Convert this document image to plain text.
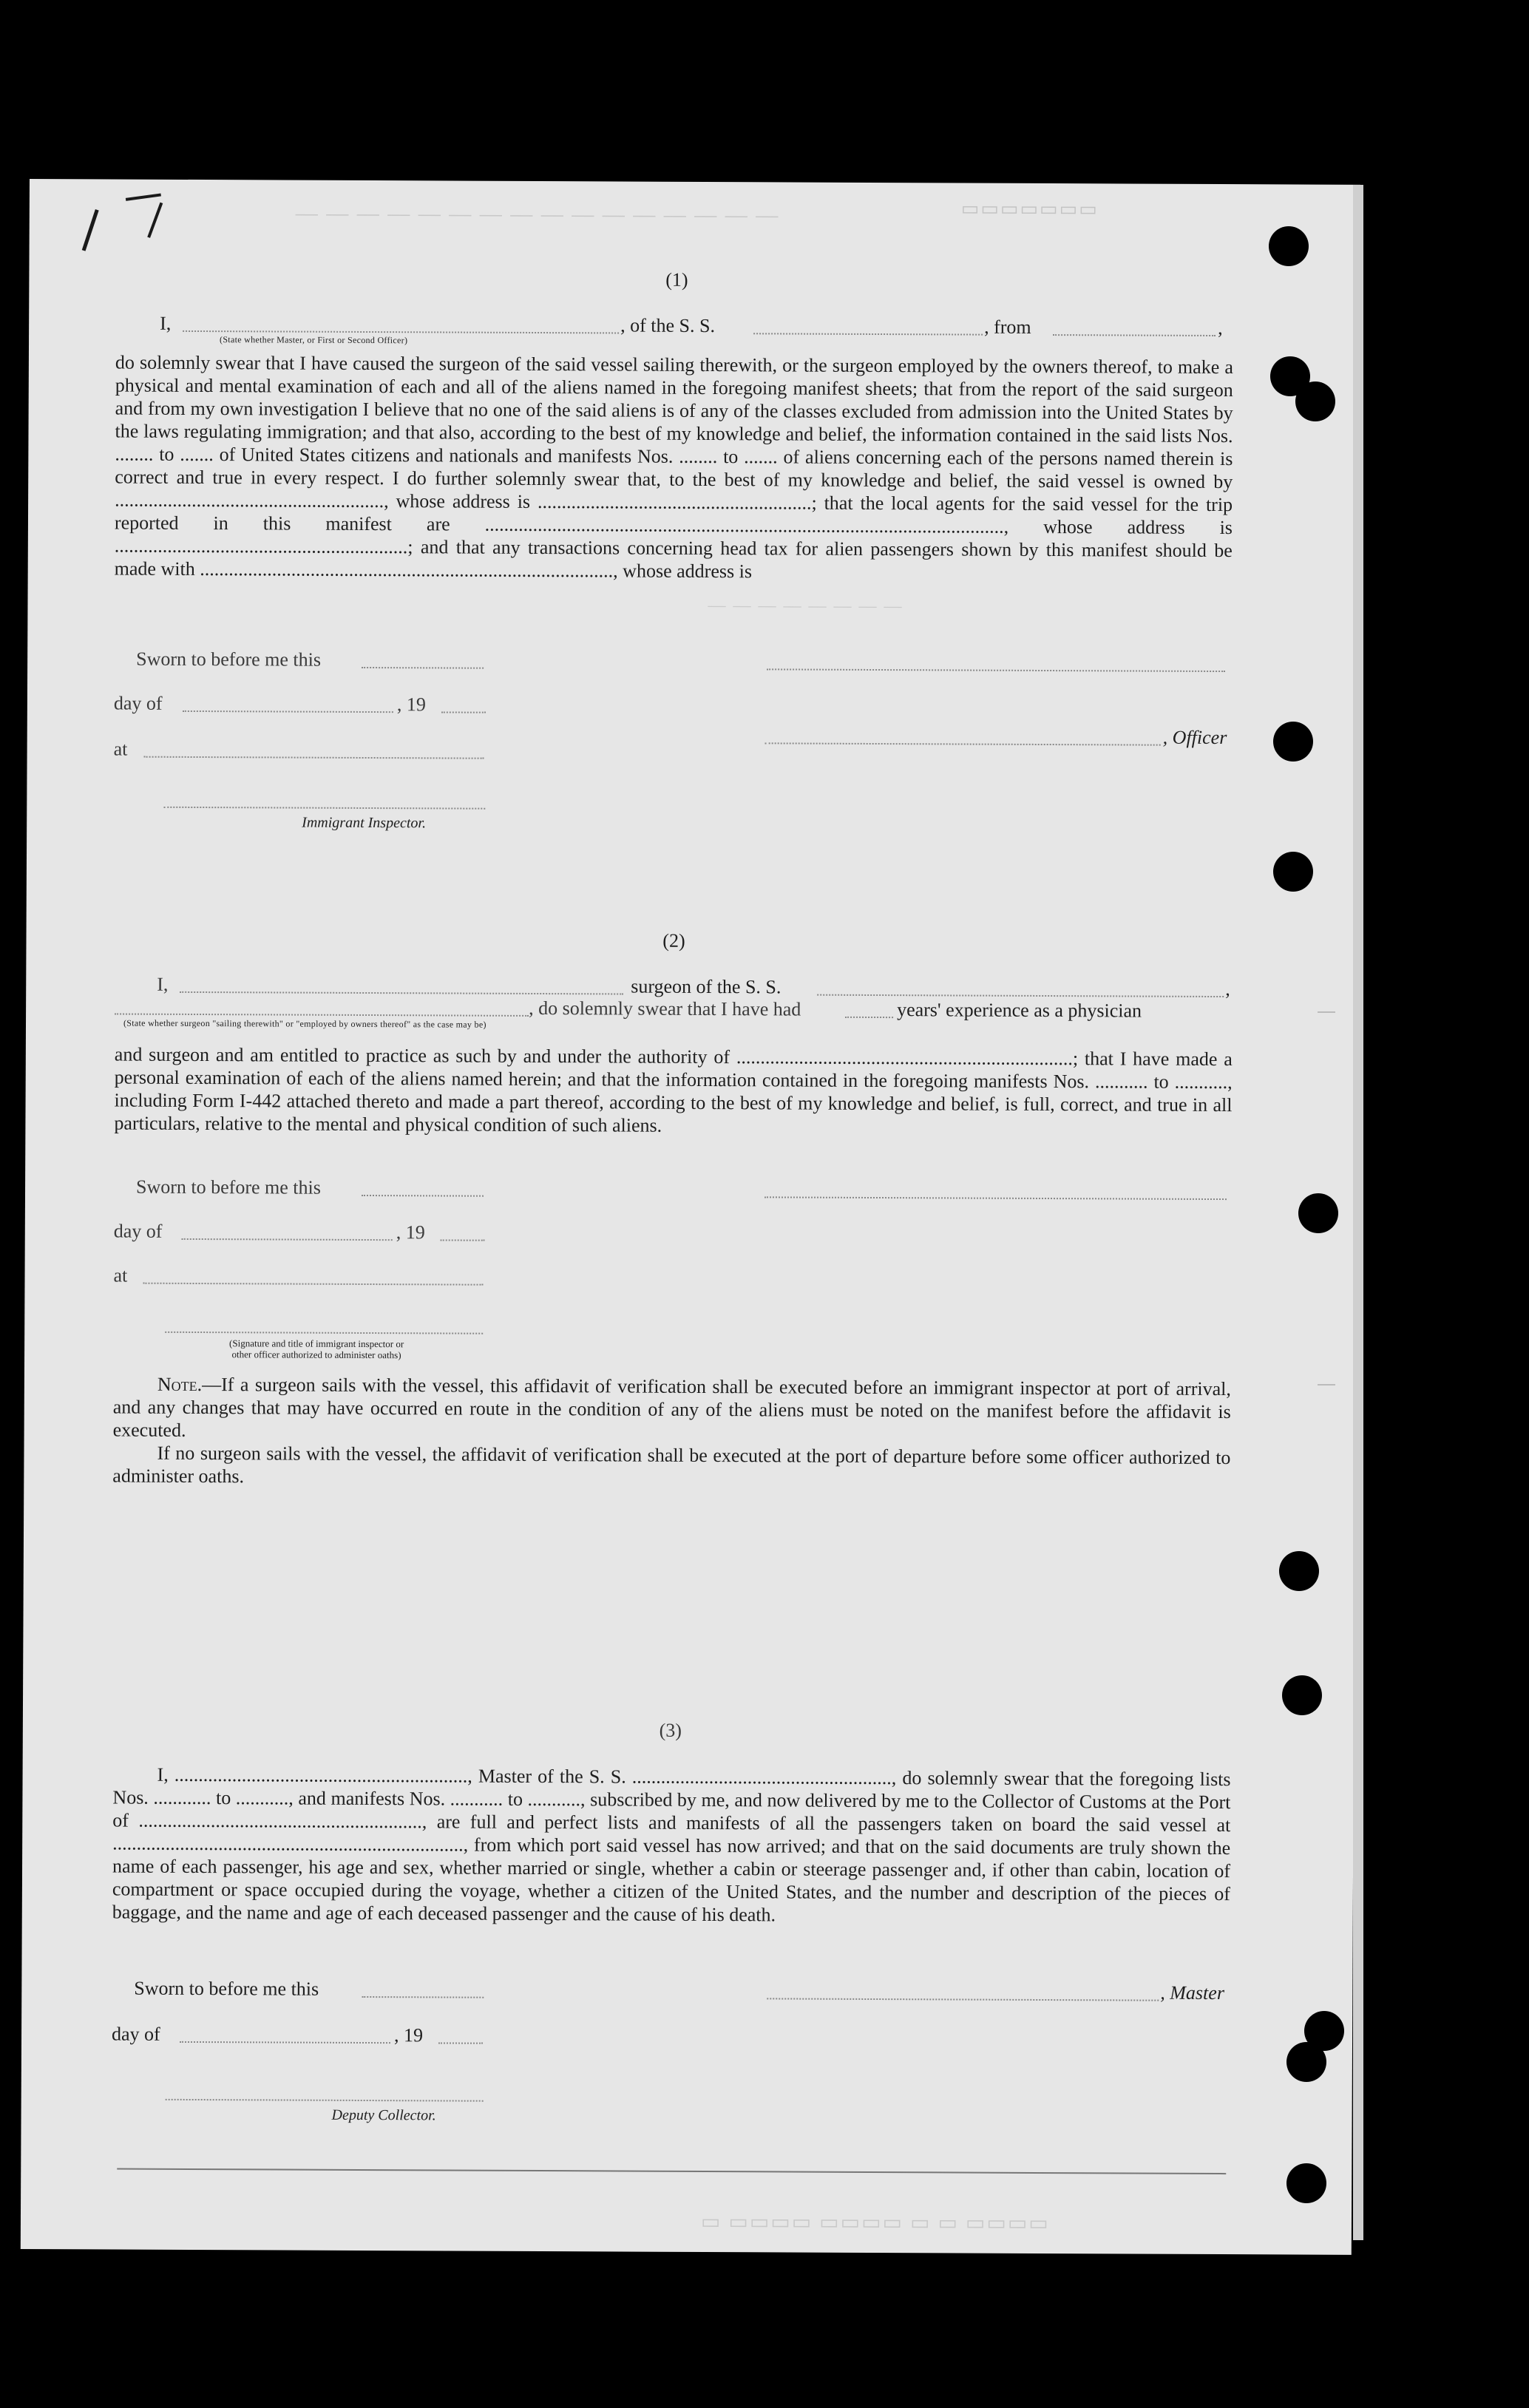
— — — — — — — — — — — — — — — —	▭▭▭▭▭▭▭
— — — — — — — —
(1)
I,	, of the S. S.	, from	,
(State whether Master, or First or Second Officer)
do solemnly swear that I have caused the surgeon of the said vessel sailing therewith, or the surgeon employed by the owners thereof, to make a physical and mental examination of each and all of the aliens named in the foregoing manifest sheets; that from the report of the said surgeon and from my own investigation I believe that no one of the said aliens is of any of the classes excluded from admission into the United States by the laws regulating immigration; and that also, according to the best of my knowledge and belief, the information contained in the said lists Nos. ........ to ....... of United States citizens and nationals and manifests Nos. ........ to ....... of aliens concerning each of the persons named therein is correct and true in every respect. I do further solemnly swear that, to the best of my knowledge and belief, the said vessel is owned by ........................................................, whose address is .........................................................; that the local agents for the said vessel for the trip reported in this manifest are ............................................................................................................, whose address is .............................................................; and that any transactions concerning head tax for alien passengers shown by this manifest should be made with ......................................................................................, whose address is
Sworn to before me this
day of	, 19
, Officer
at
Immigrant Inspector.
(2)
I,	surgeon of the S. S.	,
, do solemnly swear that I have had	years' experience as a physician
(State whether surgeon "sailing therewith" or "employed by owners thereof" as the case may be)
and surgeon and am entitled to practice as such by and under the authority of ......................................................................; that I have made a personal examination of each of the aliens named herein; and that the information contained in the foregoing manifests Nos. ........... to ..........., including Form I-442 attached thereto and made a part thereof, according to the best of my knowledge and belief, is full, correct, and true in all particulars, relative to the mental and physical condition of such aliens.
Sworn to before me this
day of	, 19
at
(Signature and title of immigrant inspector or
other officer authorized to administer oaths)

Note.—If a surgeon sails with the vessel, this affidavit of verification shall be executed before an immigrant inspector at port of arrival, and any changes that may have occurred en route in the condition of any of the aliens must be noted on the manifest before the affidavit is executed.

If no surgeon sails with the vessel, the affidavit of verification shall be executed at the port of departure before some officer authorized to administer oaths.

(3)
I, ............................................................., Master of the S. S. ......................................................, do solemnly swear that the foregoing lists Nos. ............ to ..........., and manifests Nos. ........... to ..........., subscribed by me, and now delivered by me to the Collector of Customs at the Port of ..........................................................., are full and perfect lists and manifests of all the passengers taken on board the said vessel at ........................................................................., from which port said vessel has now arrived; and that on the said documents are truly shown the name of each passenger, his age and sex, whether married or single, whether a cabin or steerage passenger and, if other than cabin, location of compartment or space occupied during the voyage, whether a citizen of the United States, and the number and description of the pieces of baggage, and the name and age of each deceased passenger and the cause of his death.
Sworn to before me this	, Master
day of	, 19
Deputy Collector.
▭ ▭▭▭▭ ▭▭▭▭ ▭ ▭ ▭▭▭▭
